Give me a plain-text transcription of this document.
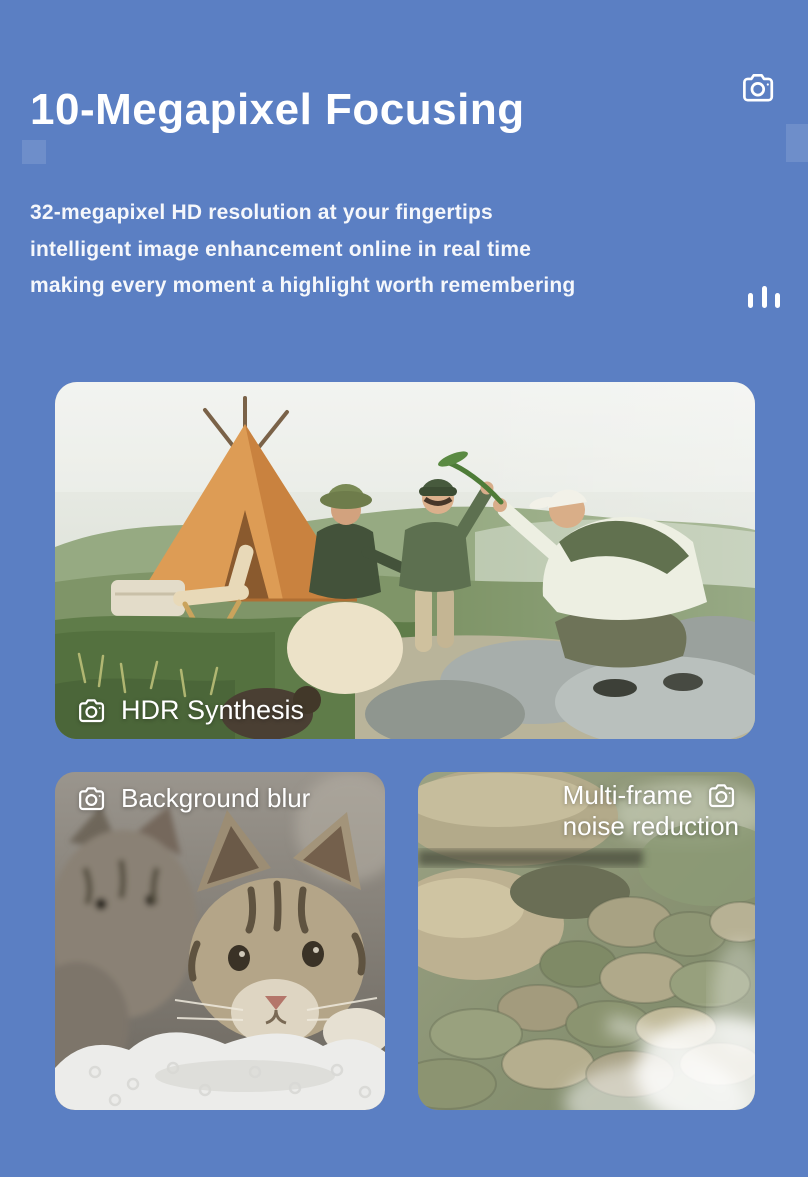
10-Megapixel Focusing
32-megapixel HD resolution at your fingertips
intelligent image enhancement online in real time
making every moment a highlight worth remembering
HDR Synthesis
Background blur	Multi-frame
noise reduction
